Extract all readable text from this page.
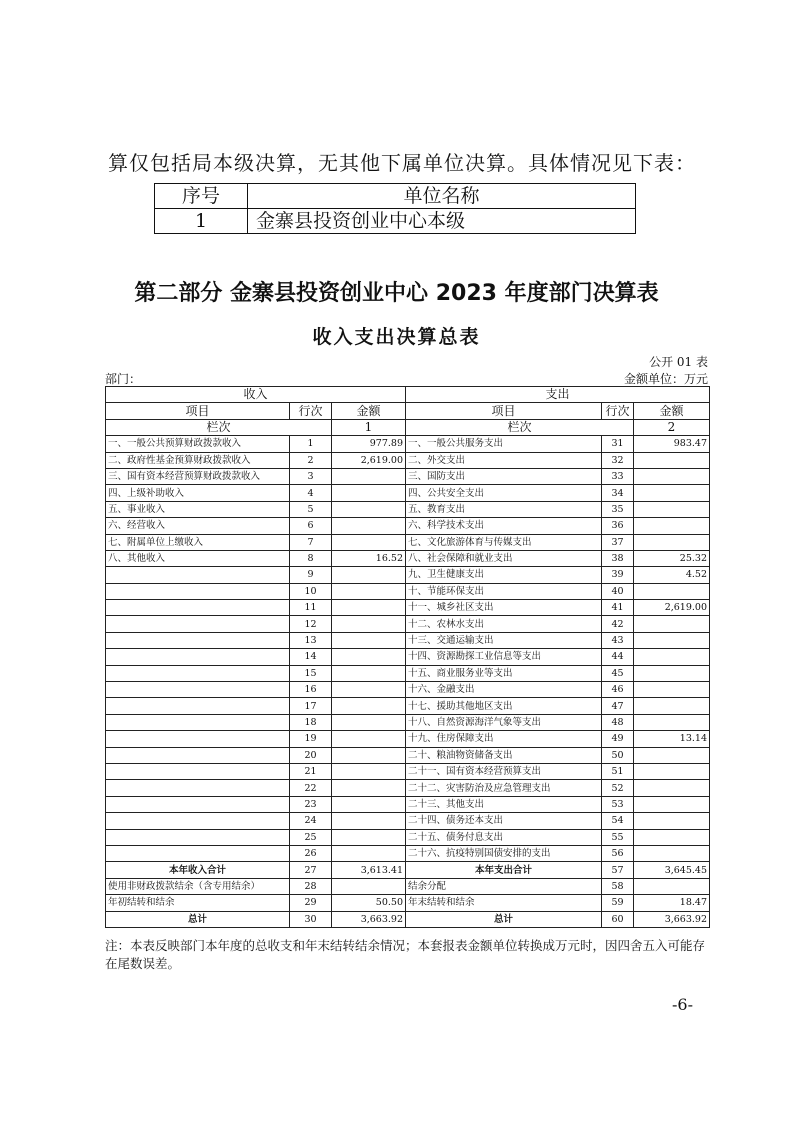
算仅包括局本级决算，无其他下属单位决算。具体情况见下表：
序号	单位名称
1	金寨县投资创业中心本级
第二部分 金寨县投资创业中心 2023 年度部门决算表
收入支出决算总表
公开 01 表
部门：	金额单位：万元
收入			支出		
项目	行次	金额	项目	行次	金额
栏次		1	栏次		2
一、一般公共预算财政拨款收入	1	977.89	一、一般公共服务支出	31	983.47
二、政府性基金预算财政拨款收入	2	2,619.00	二、外交支出	32	
三、国有资本经营预算财政拨款收入	3		三、国防支出	33	
四、上级补助收入	4		四、公共安全支出	34	
五、事业收入	5		五、教育支出	35	
六、经营收入	6		六、科学技术支出	36	
七、附属单位上缴收入	7		七、文化旅游体育与传媒支出	37	
八、其他收入	8	16.52	八、社会保障和就业支出	38	25.32
	9		九、卫生健康支出	39	4.52
	10		十、节能环保支出	40	
	11		十一、城乡社区支出	41	2,619.00
	12		十二、农林水支出	42	
	13		十三、交通运输支出	43	
	14		十四、资源勘探工业信息等支出	44	
	15		十五、商业服务业等支出	45	
	16		十六、金融支出	46	
	17		十七、援助其他地区支出	47	
	18		十八、自然资源海洋气象等支出	48	
	19		十九、住房保障支出	49	13.14
	20		二十、粮油物资储备支出	50	
	21		二十一、国有资本经营预算支出	51	
	22		二十二、灾害防治及应急管理支出	52	
	23		二十三、其他支出	53	
	24		二十四、债务还本支出	54	
	25		二十五、债务付息支出	55	
	26		二十六、抗疫特别国债安排的支出	56	
本年收入合计	27	3,613.41	本年支出合计	57	3,645.45
使用非财政拨款结余（含专用结余）	28		结余分配	58	
年初结转和结余	29	50.50	年末结转和结余	59	18.47
总计	30	3,663.92	总计	60	3,663.92
注：本表反映部门本年度的总收支和年末结转结余情况；本套报表金额单位转换成万元时，因四舍五入可能存在尾数误差。
-6-
